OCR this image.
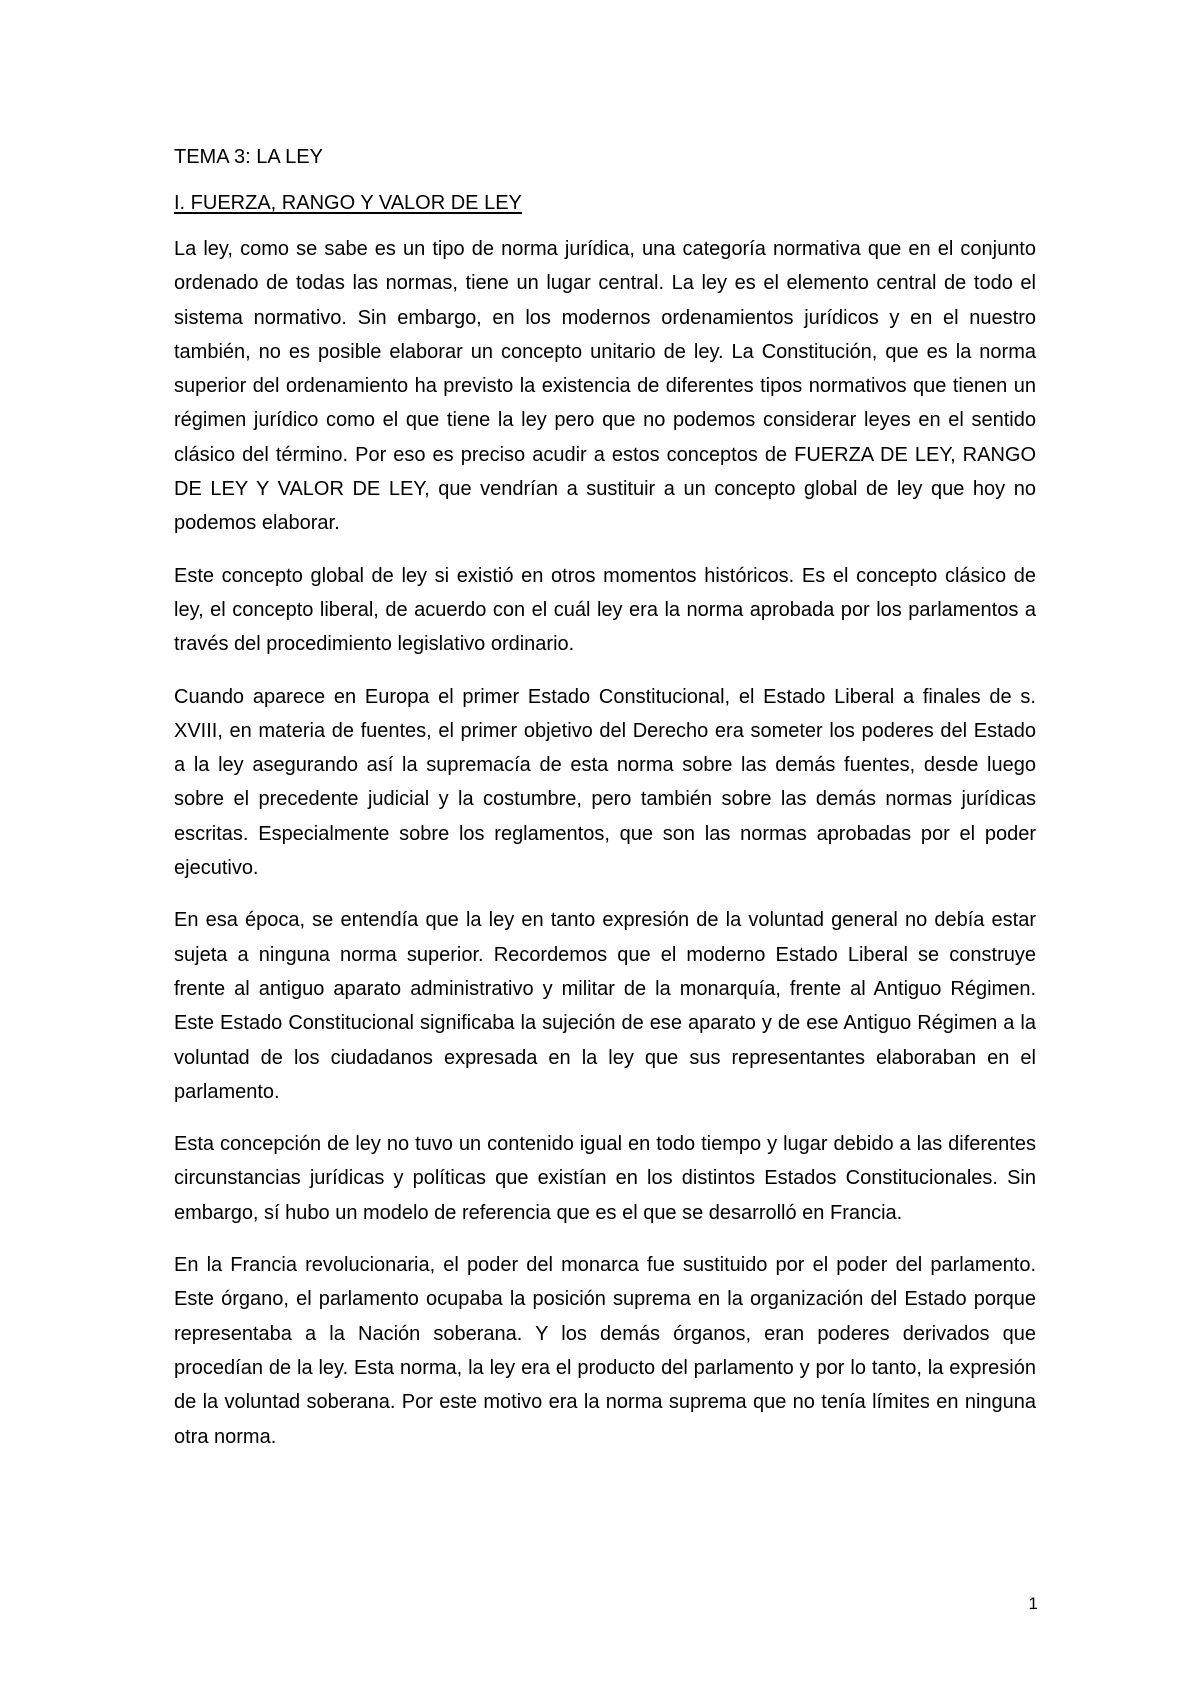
TEMA 3: LA LEY
I. FUERZA, RANGO Y VALOR DE LEY

La ley, como se sabe es un tipo de norma jurídica, una categoría normativa que en el conjunto ordenado de todas las normas, tiene un lugar central. La ley es el elemento central de todo el sistema normativo. Sin embargo, en los modernos ordenamientos jurídicos y en el nuestro también, no es posible elaborar un concepto unitario de ley. La Constitución, que es la norma superior del ordenamiento ha previsto la existencia de diferentes tipos normativos que tienen un régimen jurídico como el que tiene la ley pero que no podemos considerar leyes en el sentido clásico del término. Por eso es preciso acudir a estos conceptos de FUERZA DE LEY, RANGO DE LEY Y VALOR DE LEY, que vendrían a sustituir a un concepto global de ley que hoy no podemos elaborar.

Este concepto global de ley si existió en otros momentos históricos. Es el concepto clásico de ley, el concepto liberal, de acuerdo con el cuál ley era la norma aprobada por los parlamentos a través del procedimiento legislativo ordinario.

Cuando aparece en Europa el primer Estado Constitucional, el Estado Liberal a finales de s. XVIII, en materia de fuentes, el primer objetivo del Derecho era someter los poderes del Estado a la ley asegurando así la supremacía de esta norma sobre las demás fuentes, desde luego sobre el precedente judicial y la costumbre, pero también sobre las demás normas jurídicas escritas. Especialmente sobre los reglamentos, que son las normas aprobadas por el poder ejecutivo.

En esa época, se entendía que la ley en tanto expresión de la voluntad general no debía estar sujeta a ninguna norma superior. Recordemos que el moderno Estado Liberal se construye frente al antiguo aparato administrativo y militar de la monarquía, frente al Antiguo Régimen. Este Estado Constitucional significaba la sujeción de ese aparato y de ese Antiguo Régimen a la voluntad de los ciudadanos expresada en la ley que sus representantes elaboraban en el parlamento.

Esta concepción de ley no tuvo un contenido igual en todo tiempo y lugar debido a las diferentes circunstancias jurídicas y políticas que existían en los distintos Estados Constitucionales. Sin embargo, sí hubo un modelo de referencia que es el que se desarrolló en Francia.

En la Francia revolucionaria, el poder del monarca fue sustituido por el poder del parlamento. Este órgano, el parlamento ocupaba la posición suprema en la organización del Estado porque representaba a la Nación soberana. Y los demás órganos, eran poderes derivados que procedían de la ley. Esta norma, la ley era el producto del parlamento y por lo tanto, la expresión de la voluntad soberana. Por este motivo era la norma suprema que no tenía límites en ninguna otra norma.

1
